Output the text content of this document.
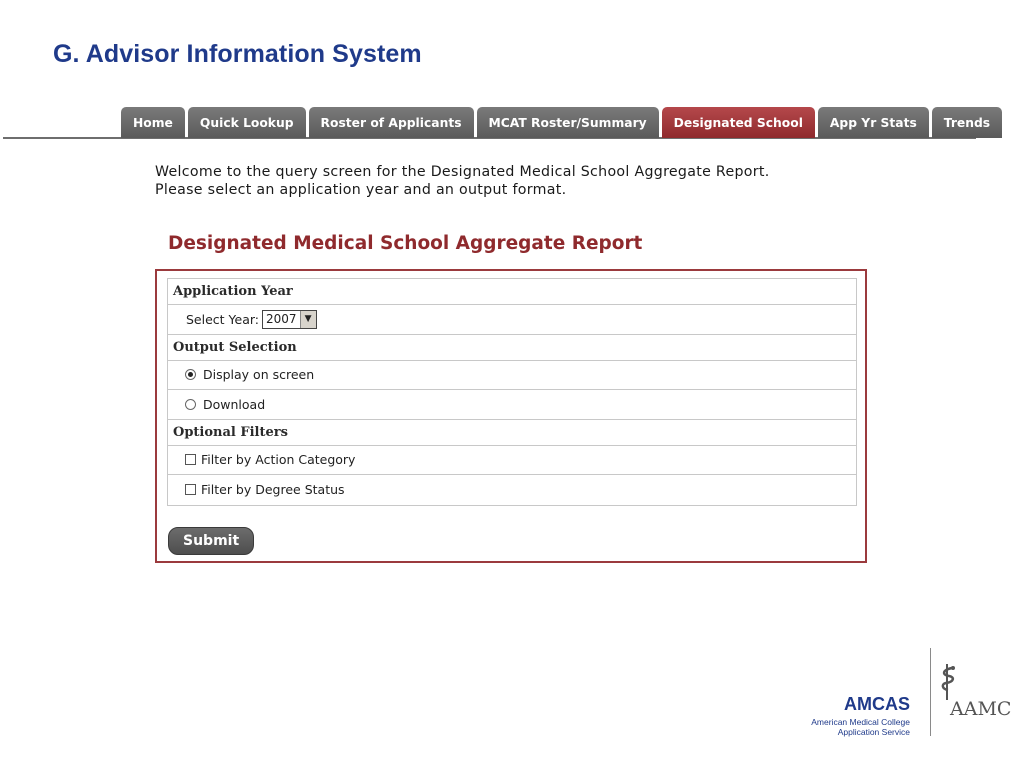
G. Advisor Information System
Home	Quick Lookup	Roster of Applicants	MCAT Roster/Summary	Designated School	App Yr Stats	Trends
Welcome to the query screen for the Designated Medical School Aggregate Report.
Please select an application year and an output format.
Designated Medical School Aggregate Report
Application Year
Select Year: 2007 ▼
Output Selection
Display on screen
Download
Optional Filters
Filter by Action Category
Filter by Degree Status
Submit
AMCAS
American Medical College
Application Service
AAMC
